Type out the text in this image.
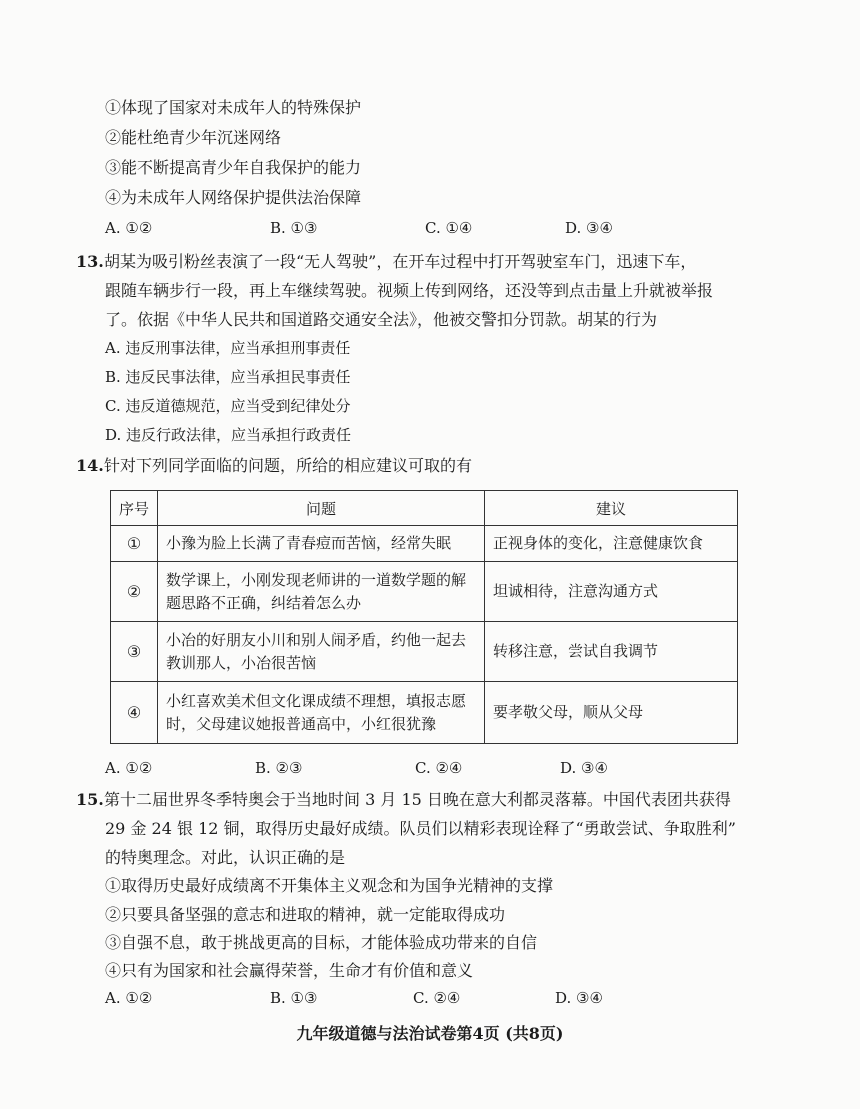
①体现了国家对未成年人的特殊保护
②能杜绝青少年沉迷网络
③能不断提高青少年自我保护的能力
④为未成年人网络保护提供法治保障
A. ①②	B. ①③	C. ①④	D. ③④
13. 胡某为吸引粉丝表演了一段“无人驾驶”，在开车过程中打开驾驶室车门，迅速下车，
跟随车辆步行一段，再上车继续驾驶。视频上传到网络，还没等到点击量上升就被举报
了。依据《中华人民共和国道路交通安全法》，他被交警扣分罚款。胡某的行为
A. 违反刑事法律，应当承担刑事责任
B. 违反民事法律，应当承担民事责任
C. 违反道德规范，应当受到纪律处分
D. 违反行政法律，应当承担行政责任
14. 针对下列同学面临的问题，所给的相应建议可取的有
序号	问题	建议
①	小豫为脸上长满了青春痘而苦恼，经常失眠	正视身体的变化，注意健康饮食
②	数学课上，小刚发现老师讲的一道数学题的解题思路不正确，纠结着怎么办	坦诚相待，注意沟通方式
③	小冶的好朋友小川和别人闹矛盾，约他一起去教训那人，小冶很苦恼	转移注意，尝试自我调节
④	小红喜欢美术但文化课成绩不理想，填报志愿时，父母建议她报普通高中，小红很犹豫	要孝敬父母，顺从父母
A. ①②	B. ②③	C. ②④	D. ③④
15. 第十二届世界冬季特奥会于当地时间 3 月 15 日晚在意大利都灵落幕。中国代表团共获得
29 金 24 银 12 铜，取得历史最好成绩。队员们以精彩表现诠释了“勇敢尝试、争取胜利”
的特奥理念。对此，认识正确的是
①取得历史最好成绩离不开集体主义观念和为国争光精神的支撑
②只要具备坚强的意志和进取的精神，就一定能取得成功
③自强不息，敢于挑战更高的目标，才能体验成功带来的自信
④只有为国家和社会赢得荣誉，生命才有价值和意义
A. ①②	B. ①③	C. ②④	D. ③④
九年级道德与法治试卷第4页 (共8页)
